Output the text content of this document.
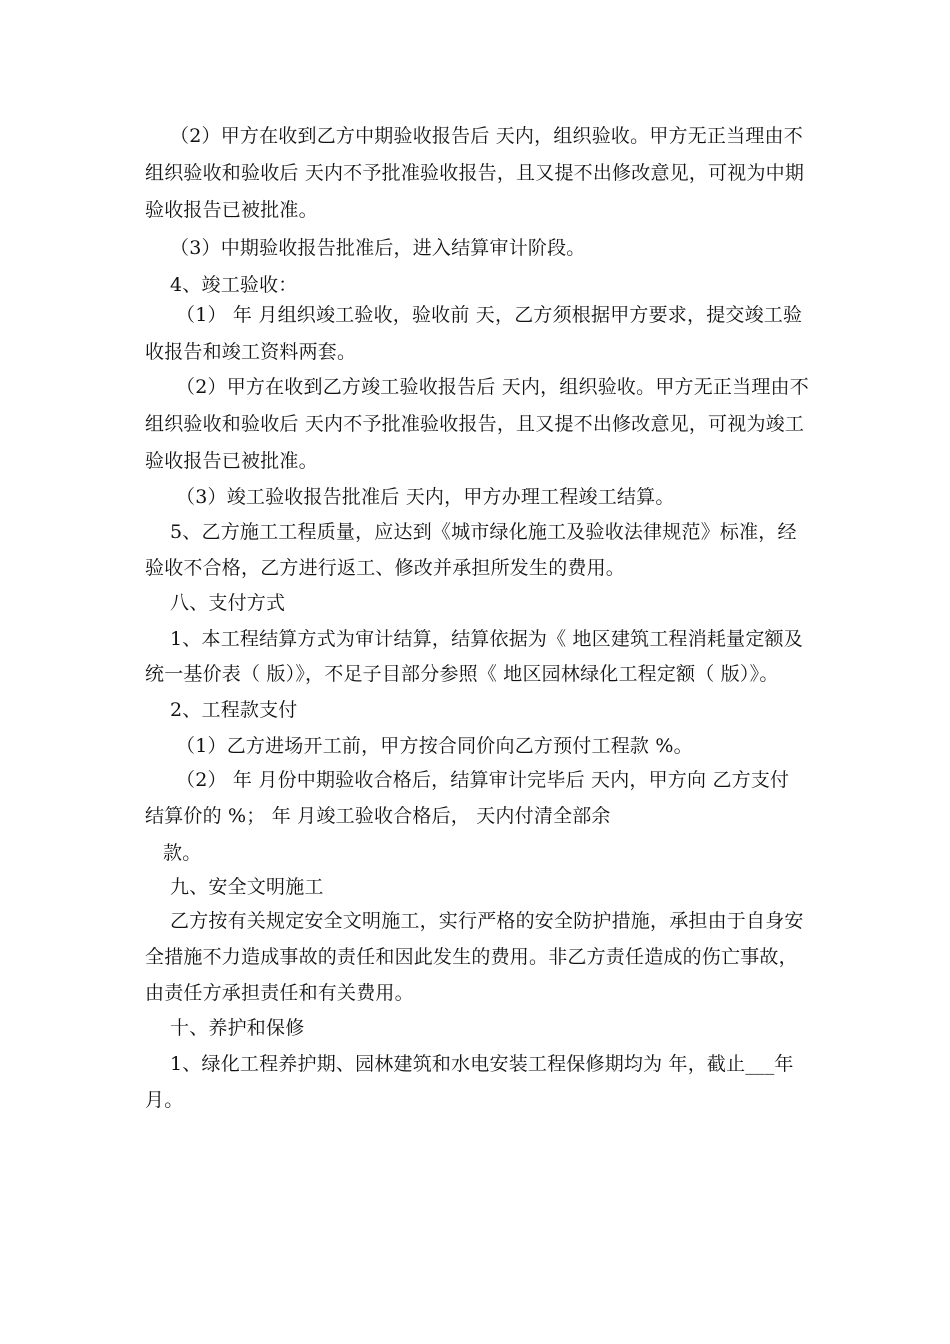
（2）甲方在收到乙方中期验收报告后 天内，组织验收。甲方无正当理由不

组织验收和验收后 天内不予批准验收报告，且又提不出修改意见，可视为中期

验收报告已被批准。

（3）中期验收报告批准后，进入结算审计阶段。

4、竣工验收：

（1） 年 月组织竣工验收，验收前 天，乙方须根据甲方要求，提交竣工验

收报告和竣工资料两套。

（2）甲方在收到乙方竣工验收报告后 天内，组织验收。甲方无正当理由不

组织验收和验收后 天内不予批准验收报告，且又提不出修改意见，可视为竣工

验收报告已被批准。

（3）竣工验收报告批准后 天内，甲方办理工程竣工结算。

5、乙方施工工程质量，应达到《城市绿化施工及验收法律规范》标准，经

验收不合格，乙方进行返工、修改并承担所发生的费用。

八、支付方式

1、本工程结算方式为审计结算，结算依据为《 地区建筑工程消耗量定额及

统一基价表（ 版）》，不足子目部分参照《 地区园林绿化工程定额（ 版）》。

2、工程款支付

（1）乙方进场开工前，甲方按合同价向乙方预付工程款 %。

（2） 年 月份中期验收合格后，结算审计完毕后 天内，甲方向 乙方支付

结算价的 %； 年 月竣工验收合格后， 天内付清全部余

款。

九、安全文明施工

乙方按有关规定安全文明施工，实行严格的安全防护措施，承担由于自身安

全措施不力造成事故的责任和因此发生的费用。非乙方责任造成的伤亡事故，

由责任方承担责任和有关费用。

十、养护和保修

1、绿化工程养护期、园林建筑和水电安装工程保修期均为 年，截止___年

月。
